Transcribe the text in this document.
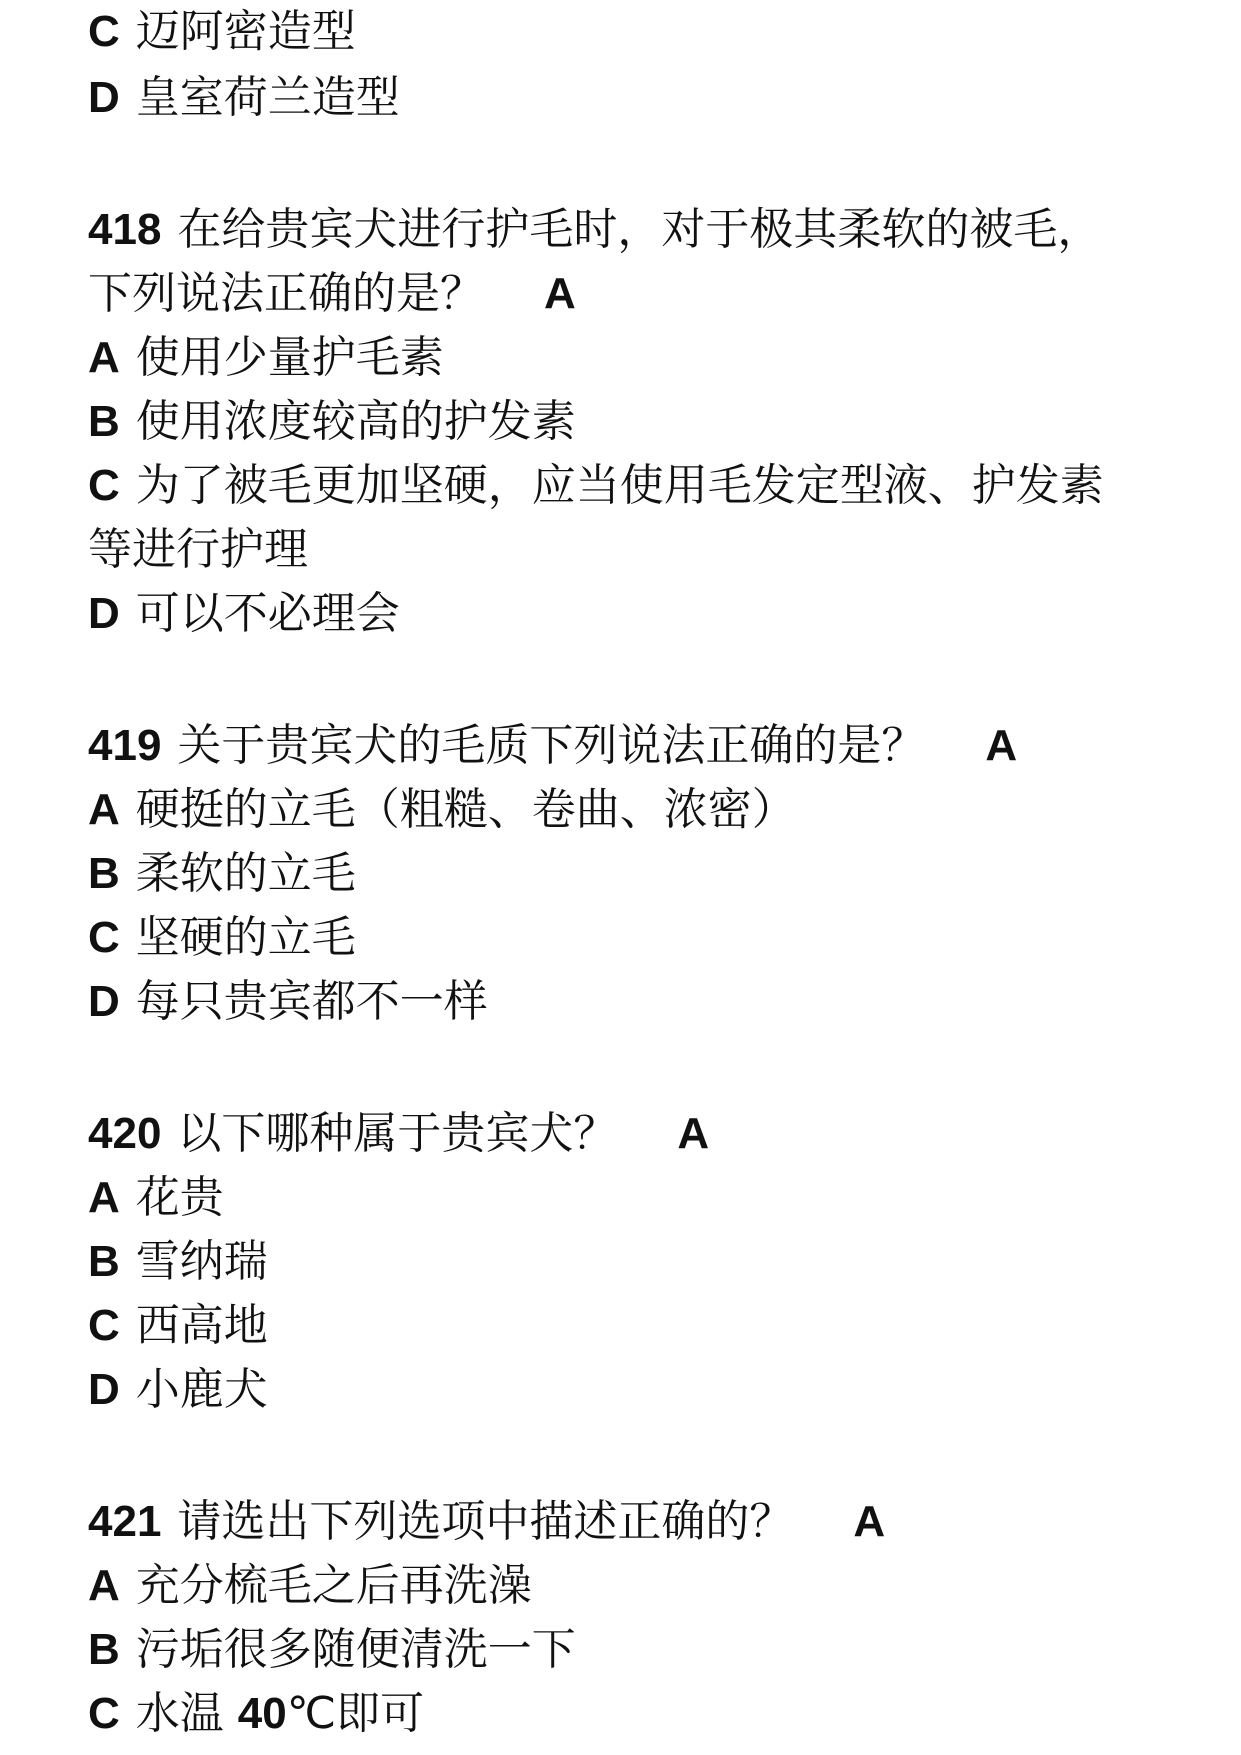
C 迈阿密造型
D 皇室荷兰造型
418 在给贵宾犬进行护毛时，对于极其柔软的被毛，
下列说法正确的是？ A
A 使用少量护毛素
B 使用浓度较高的护发素
C 为了被毛更加坚硬，应当使用毛发定型液、护发素
等进行护理
D 可以不必理会
419 关于贵宾犬的毛质下列说法正确的是？ A
A 硬挺的立毛（粗糙、卷曲、浓密）
B 柔软的立毛
C 坚硬的立毛
D 每只贵宾都不一样
420 以下哪种属于贵宾犬？ A
A 花贵
B 雪纳瑞
C 西高地
D 小鹿犬
421 请选出下列选项中描述正确的？ A
A 充分梳毛之后再洗澡
B 污垢很多随便清洗一下
C 水温 40℃即可
